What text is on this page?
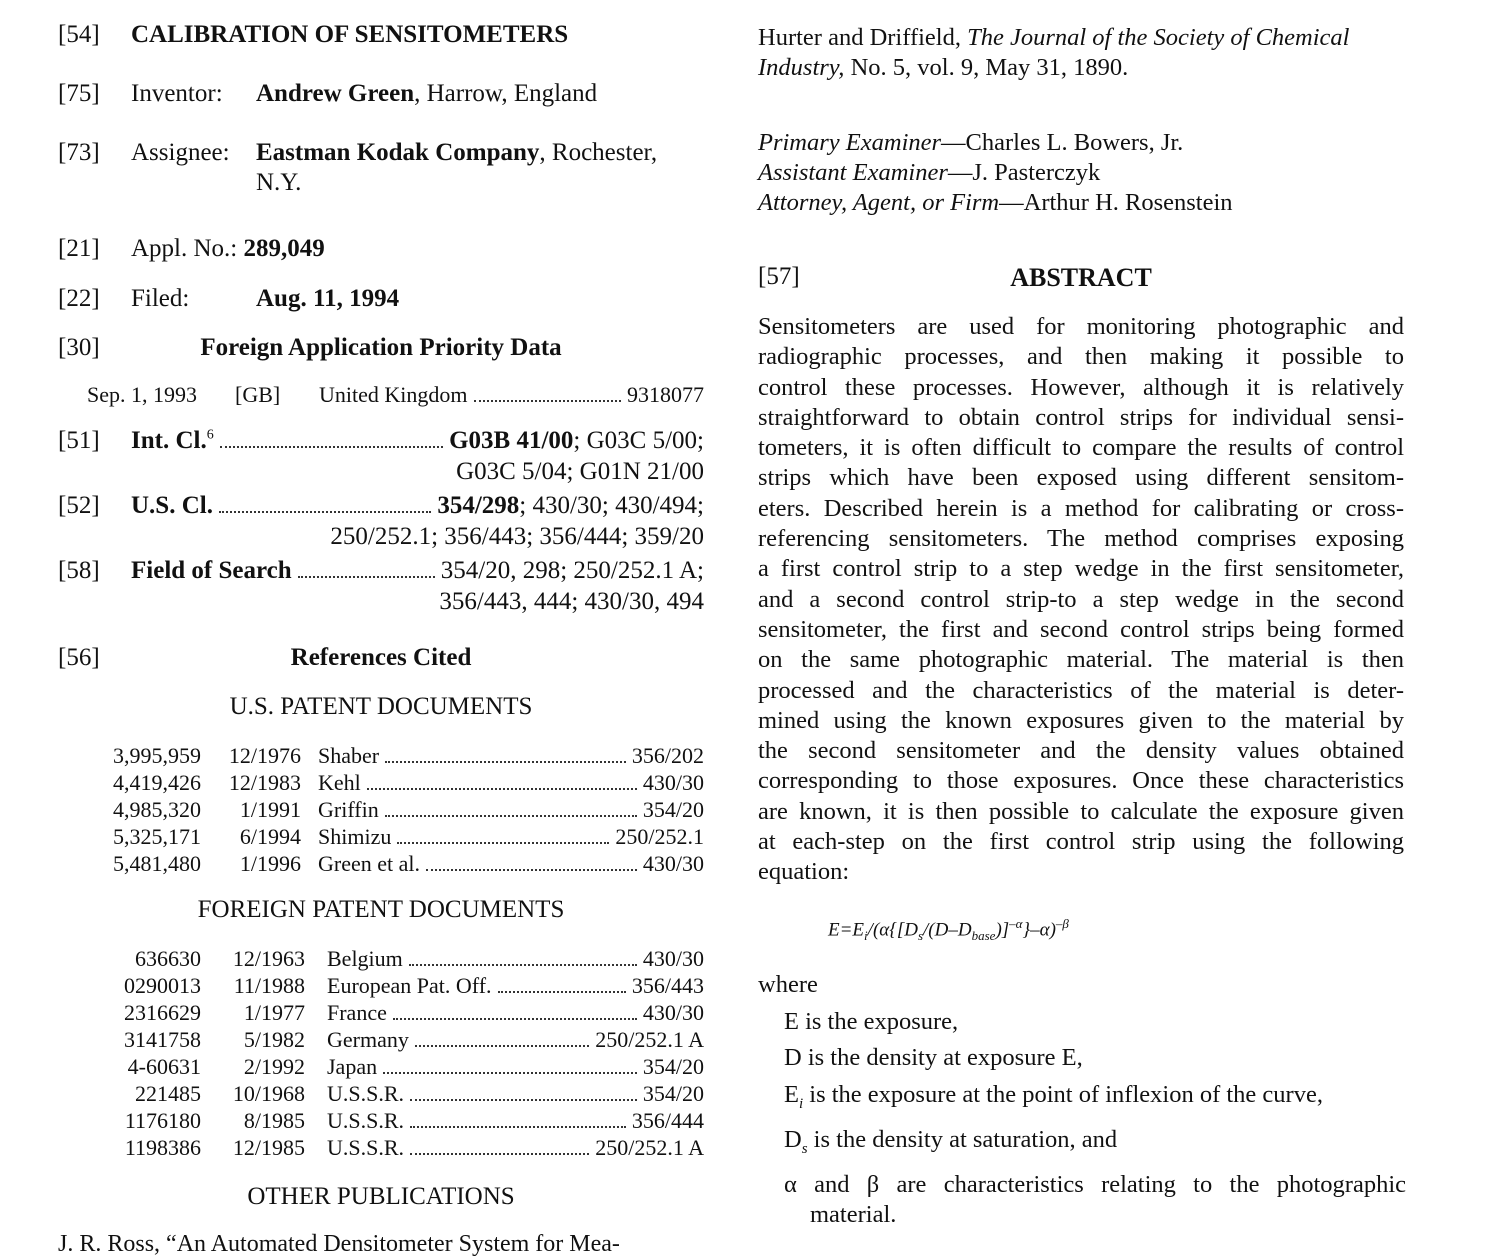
[54] CALIBRATION OF SENSITOMETERS
[75] Inventor: Andrew Green, Harrow, England
[73] Assignee: Eastman Kodak Company, Rochester,
N.Y.
[21] Appl. No.: 289,049
[22] Filed:	Aug. 11, 1994
[30]	Foreign Application Priority Data
Sep. 1, 1993	[GB]	United Kingdom	9318077
[51] Int. Cl.$^6$	G03B 41/00; G03C 5/00;
G03C 5/04; G01N 21/00
[52] U.S. Cl.	354/298; 430/30; 430/494;
250/252.1; 356/443; 356/444; 359/20
[58] Field of Search	354/20, 298; 250/252.1 A;
356/443, 444; 430/30, 494
[56]	References Cited
U.S. PATENT DOCUMENTS
3,995,959	12/1976 Shaber	356/202
4,419,426	12/1983 Kehl	430/30
4,985,320	1/1991 Griffin	354/20
5,325,171	6/1994 Shimizu	250/252.1
5,481,480	1/1996 Green et al.	430/30
FOREIGN PATENT DOCUMENTS
636630	12/1963 Belgium	430/30
0290013	11/1988 European Pat. Off.	356/443
2316629	1/1977 France	430/30
3141758	5/1982 Germany	250/252.1 A
4-60631	2/1992 Japan	354/20
221485	10/1968 U.S.S.R.	354/20
1176180	8/1985 U.S.S.R.	356/444
1198386	12/1985 U.S.S.R.	250/252.1 A
OTHER PUBLICATIONS
J. R. Ross, “An Automated Densitometer System for Mea-
Hurter and Driffield, The Journal of the Society of Chemical
Industry, No. 5, vol. 9, May 31, 1890.
Primary Examiner—Charles L. Bowers, Jr.
Assistant Examiner—J. Pasterczyk
Attorney, Agent, or Firm—Arthur H. Rosenstein
[57]	ABSTRACT
Sensitometers are used for monitoring photographic and
radiographic processes, and then making it possible to
control these processes. However, although it is relatively
straightforward to obtain control strips for individual sensi-
tometers, it is often difficult to compare the results of control
strips which have been exposed using different sensitom-
eters. Described herein is a method for calibrating or cross-
referencing sensitometers. The method comprises exposing
a first control strip to a step wedge in the first sensitometer,
and a second control strip-to a step wedge in the second
sensitometer, the first and second control strips being formed
on the same photographic material. The material is then
processed and the characteristics of the material is deter-
mined using the known exposures given to the material by
the second sensitometer and the density values obtained
corresponding to those exposures. Once these characteristics
are known, it is then possible to calculate the exposure given
at each-step on the first control strip using the following
equation:
$E=E_i/(\alpha\{[D_s/(D-D_{base})]^{-\alpha}\}-\alpha)^{-\beta}$
where
E is the exposure,
D is the density at exposure E,
$E_i$ is the exposure at the point of inflexion of the curve,
$D_s$ is the density at saturation, and
α and β are characteristics relating to the photographic
material.
